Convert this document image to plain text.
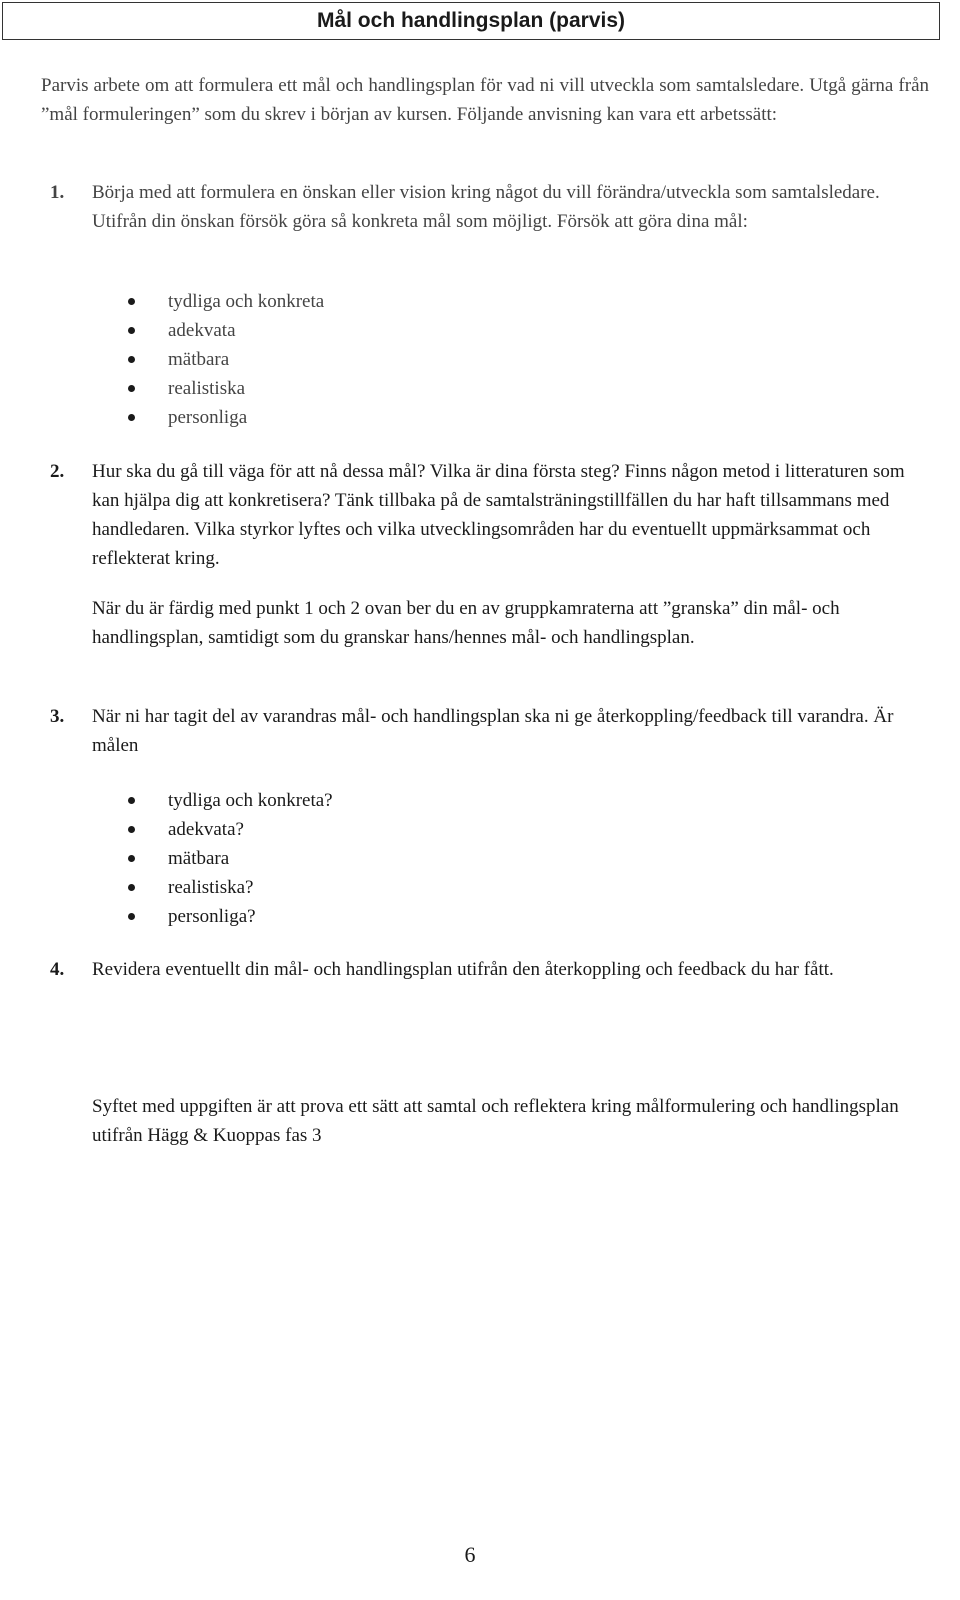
Mål och handlingsplan (parvis)

Parvis arbete om att formulera ett mål och handlingsplan för vad ni vill utveckla som samtalsledare. Utgå gärna från ”mål formuleringen” som du skrev i början av kursen. Följande anvisning kan vara ett arbetssätt:

1.	Börja med att formulera en önskan eller vision kring något du vill förändra/utveckla som samtalsledare. Utifrån din önskan försök göra så konkreta mål som möjligt. Försök att göra dina mål:

tydliga och konkreta
adekvata
mätbara
realistiska
personliga
2.	Hur ska du gå till väga för att nå dessa mål? Vilka är dina första steg? Finns någon metod i litteraturen som kan hjälpa dig att konkretisera? Tänk tillbaka på de samtalsträningstillfällen du har haft tillsammans med handledaren. Vilka styrkor lyftes och vilka utvecklingsområden har du eventuellt uppmärksammat och reflekterat kring.

När du är färdig med punkt 1 och 2 ovan ber du en av gruppkamraterna att ”granska” din mål- och handlingsplan, samtidigt som du granskar hans/hennes mål- och handlingsplan.

3.	När ni har tagit del av varandras mål- och handlingsplan ska ni ge återkoppling/feedback till varandra. Är målen

tydliga och konkreta?
adekvata?
mätbara
realistiska?
personliga?
4.	Revidera eventuellt din mål- och handlingsplan utifrån den återkoppling och feedback du har fått.

Syftet med uppgiften är att prova ett sätt att samtal och reflektera kring målformulering och handlingsplan utifrån Hägg & Kuoppas fas 3

6
